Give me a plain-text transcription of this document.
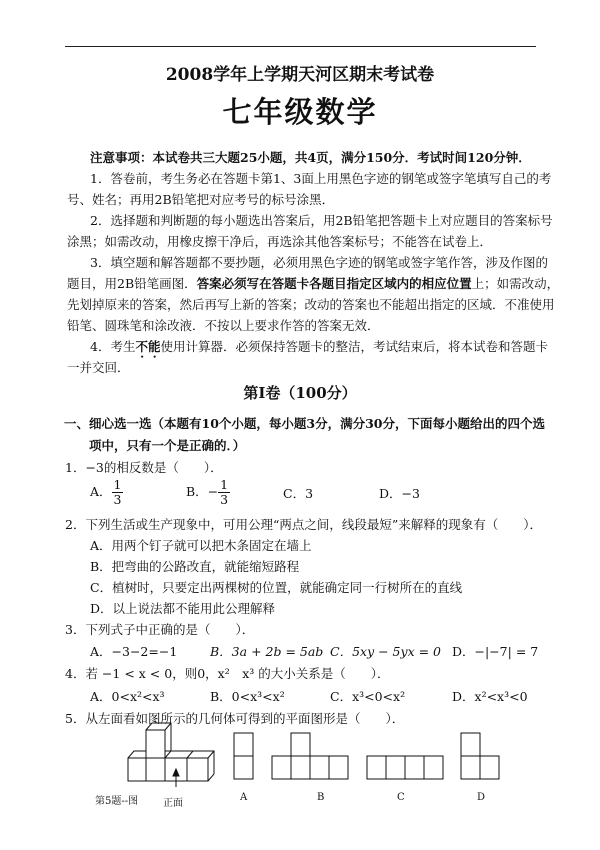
2008学年上学期天河区期末考试卷
七年级数学
注意事项：本试卷共三大题25小题，共4页，满分150分．考试时间120分钟．
1．答卷前，考生务必在答题卡第1、3面上用黑色字迹的钢笔或签字笔填写自己的考
号、姓名；再用2B铅笔把对应考号的标号涂黑．
2．选择题和判断题的每小题选出答案后，用2B铅笔把答题卡上对应题目的答案标号
涂黑；如需改动，用橡皮擦干净后，再选涂其他答案标号；不能答在试卷上．
3．填空题和解答题都不要抄题，必须用黑色字迹的钢笔或签字笔作答，涉及作图的
题目，用2B铅笔画图．答案必须写在答题卡各题目指定区域内的相应位置上；如需改动，
先划掉原来的答案，然后再写上新的答案；改动的答案也不能超出指定的区域．不准使用
铅笔、圆珠笔和涂改液．不按以上要求作答的答案无效．
4．考生不能使用计算器．必须保持答题卡的整洁，考试结束后，将本试卷和答题卡
一并交回．
第Ⅰ卷（100分）
一、细心选一选（本题有10个小题，每小题3分，满分30分，下面每小题给出的四个选
项中，只有一个是正确的．）
1．−3的相反数是（　　）．
A． $\frac{1}{3}$	B．− $\frac{1}{3}$	C．3	D．−3
2．下列生活或生产现象中，可用公理“两点之间，线段最短”来解释的现象有（　　）．
A．用两个钉子就可以把木条固定在墙上
B．把弯曲的公路改直，就能缩短路程
C．植树时，只要定出两棵树的位置，就能确定同一行树所在的直线
D．以上说法都不能用此公理解释
3．下列式子中正确的是（　　）．
A．−3−2=−1	B．3a + 2b = 5ab C．5xy − 5yx = 0 D．−|−7| = 7
4．若 −1 < x < 0，则0，x²　x³ 的大小关系是（　　）．
A．0<x²<x³	B．0<x³<x²	C．x³<0<x²	D．x²<x³<0
5．从左面看如图所示的几何体可得到的平面图形是（　　）．
第5题--图 正面
A	B	C	D
